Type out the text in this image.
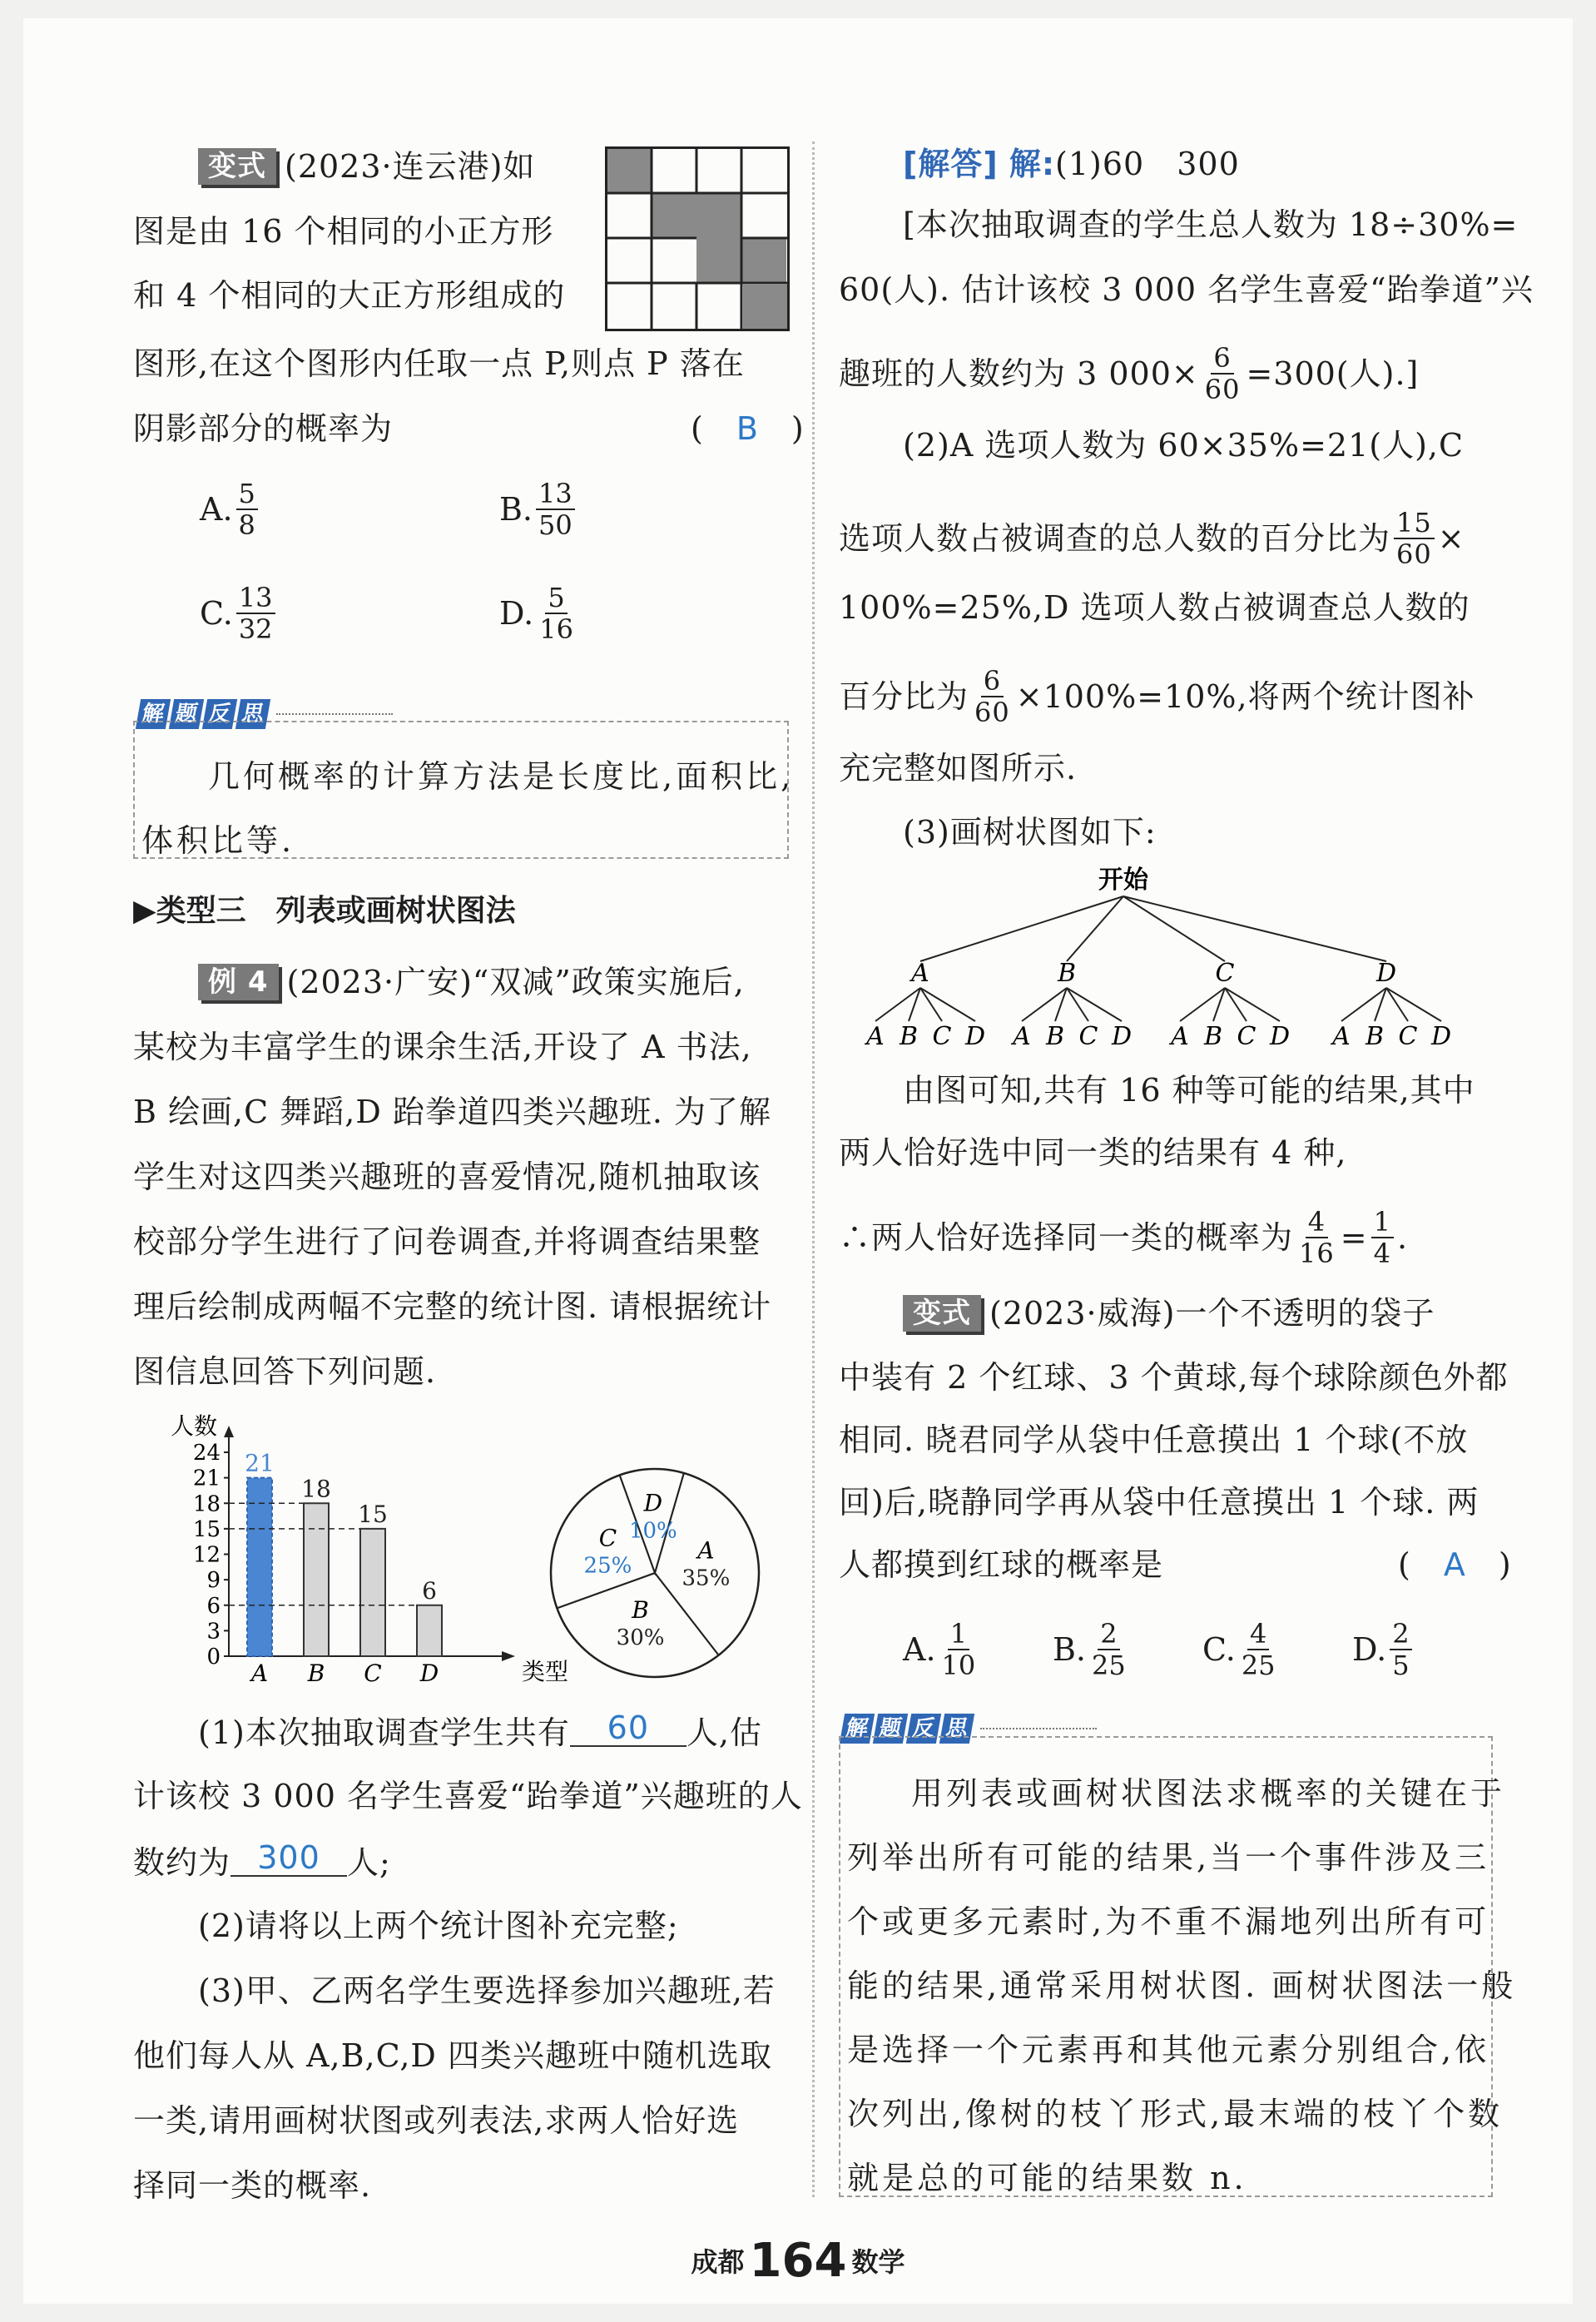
变式 (2023·连云港)如
图是由 16 个相同的小正方形
和 4 个相同的大正方形组成的
图形,在这个图形内任取一点 P,则点 P 落在
阴影部分的概率为	(　B　)
A. $\frac{5}{8}$	B. $\frac{13}{50}$
C. $\frac{13}{32}$	D. $\frac{5}{16}$
解 题 反 思
几何概率的计算方法是长度比,面积比,
体积比等.
▶类型三　列表或画树状图法
例 4 (2023·广安)“双减”政策实施后,
某校为丰富学生的课余生活,开设了 A 书法,
B 绘画,C 舞蹈,D 跆拳道四类兴趣班. 为了解
学生对这四类兴趣班的喜爱情况,随机抽取该
校部分学生进行了问卷调查,并将调查结果整
理后绘制成两幅不完整的统计图. 请根据统计
图信息回答下列问题.
人数
类型
0
3
6
9
12
15
18
21
24 21
A
18
B
15
C
6
D
D
10%
A
35%
B
30%
C
25%
(1)本次抽取调查学生共有 60 人,估
计该校 3 000 名学生喜爱“跆拳道”兴趣班的人
数约为 300 人;
(2)请将以上两个统计图补充完整;
(3)甲、乙两名学生要选择参加兴趣班,若
他们每人从 A,B,C,D 四类兴趣班中随机选取
一类,请用画树状图或列表法,求两人恰好选
择同一类的概率.
[解答] 解:(1)60　300
[本次抽取调查的学生总人数为 18÷30%=
60(人). 估计该校 3 000 名学生喜爱“跆拳道”兴
趣班的人数约为 3 $000\times \frac{6}{60} =300$(人).]
(2)A 选项人数为 60×35%=21(人),C
选项人数占被调查的总人数的百分比为 $\frac{15}{60}$ ×
100%=25%,D 选项人数占被调查总人数的
百分比为 $\frac{6}{60} \times 100\%=10\%$,将两个统计图补
充完整如图所示.
(3)画树状图如下:
开始
A
A B C D
B
A B C D
C
A B C D
D
A B C D
由图可知,共有 16 种等可能的结果,其中
两人恰好选中同一类的结果有 4 种,
∴两人恰好选择同一类的概率为 $\frac{4}{16} = \frac{1}{4}$ .
变式 (2023·威海)一个不透明的袋子
中装有 2 个红球、3 个黄球,每个球除颜色外都
相同. 晓君同学从袋中任意摸出 1 个球(不放
回)后,晓静同学再从袋中任意摸出 1 个球. 两
人都摸到红球的概率是	(　A　)
A. $\frac{1}{10} B$. $\frac{2}{25} C$. $\frac{4}{25} D$. $\frac{2}{5}$
解 题 反 思
用列表或画树状图法求概率的关键在于
列举出所有可能的结果,当一个事件涉及三
个或更多元素时,为不重不漏地列出所有可
能的结果,通常采用树状图. 画树状图法一般
是选择一个元素再和其他元素分别组合,依
次列出,像树的枝丫形式,最末端的枝丫个数
就是总的可能的结果数 n.
成都 164 数学
